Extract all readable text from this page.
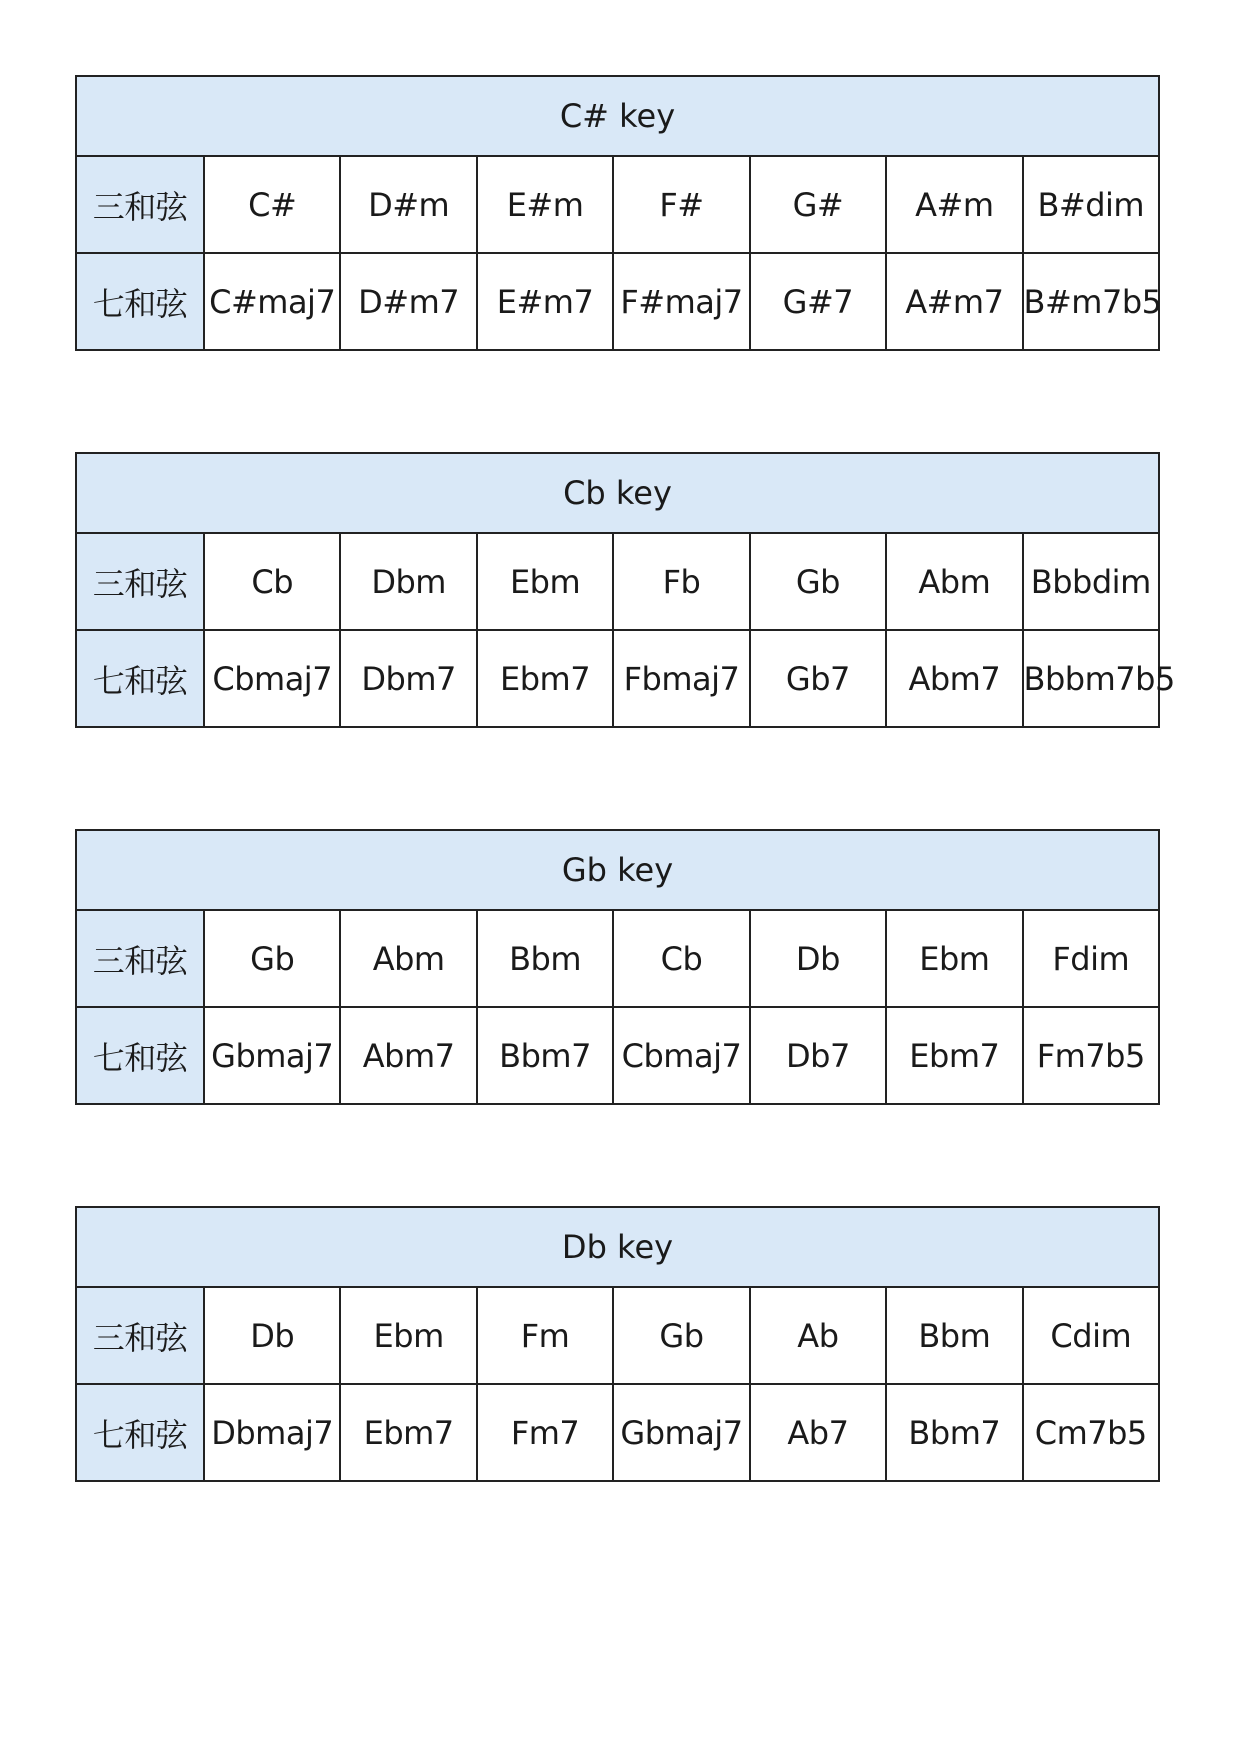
C# key							
三和弦	C#	D#m	E#m	F#	G#	A#m	B#dim
七和弦	C#maj7	D#m7	E#m7	F#maj7	G#7	A#m7	B#m7b5
Cb key							
三和弦	Cb	Dbm	Ebm	Fb	Gb	Abm	Bbbdim
七和弦	Cbmaj7	Dbm7	Ebm7	Fbmaj7	Gb7	Abm7	Bbbm7b5
Gb key							
三和弦	Gb	Abm	Bbm	Cb	Db	Ebm	Fdim
七和弦	Gbmaj7	Abm7	Bbm7	Cbmaj7	Db7	Ebm7	Fm7b5
Db key							
三和弦	Db	Ebm	Fm	Gb	Ab	Bbm	Cdim
七和弦	Dbmaj7	Ebm7	Fm7	Gbmaj7	Ab7	Bbm7	Cm7b5
